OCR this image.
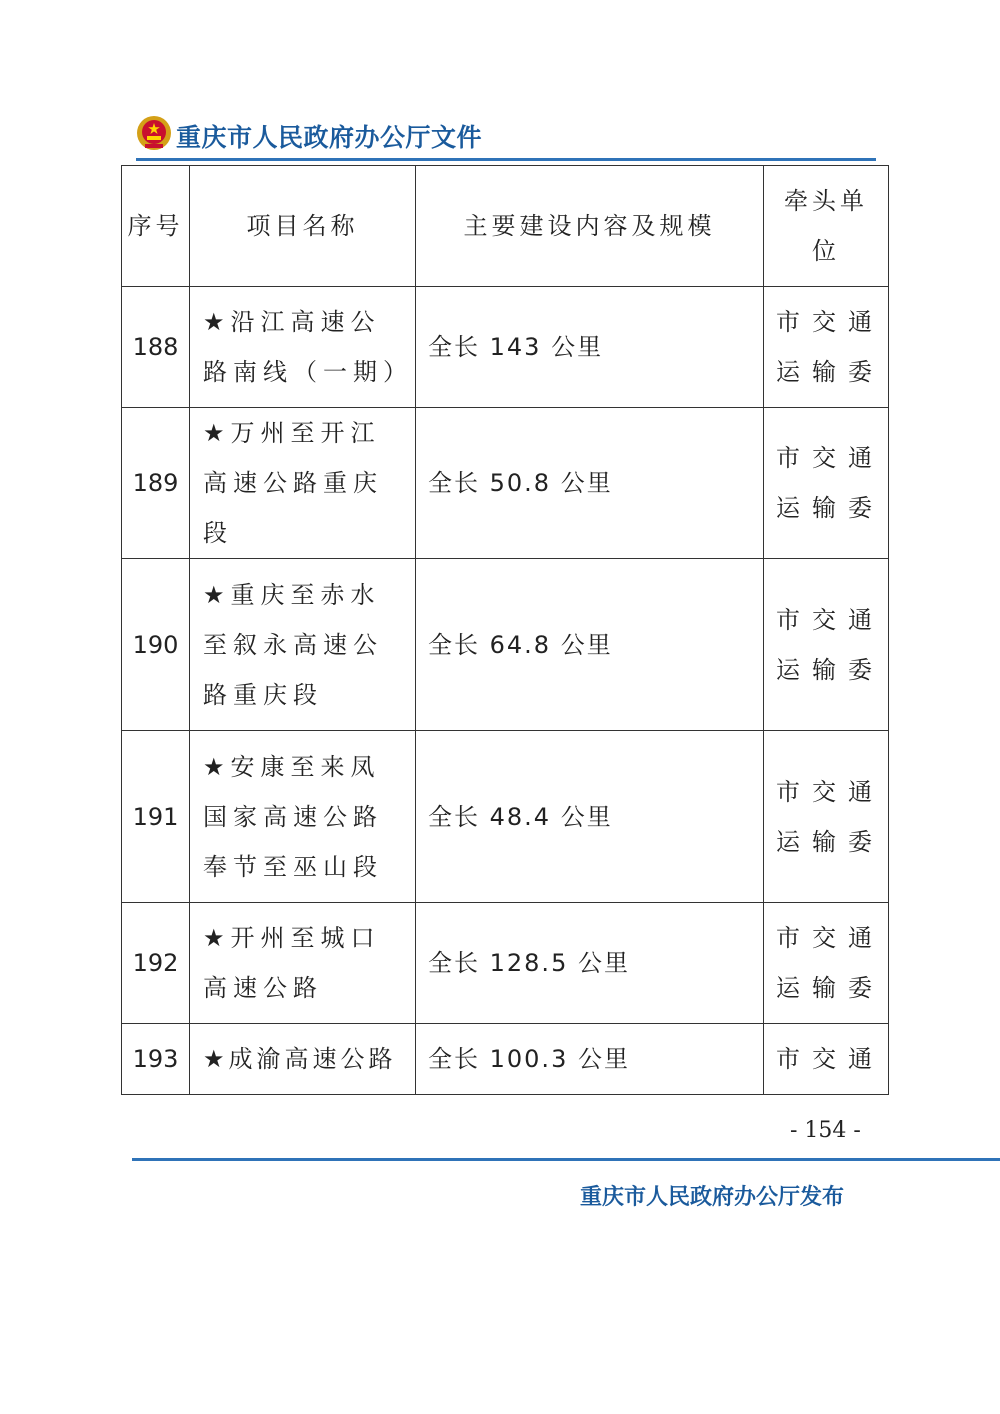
重庆市人民政府办公厅文件
序号	项目名称	主要建设内容及规模	牵头单位
188	★沿江高速公路南线（一期）	全长 143 公里	市交通运输委
189	★万州至开江高速公路重庆段	全长 50.8 公里	市交通运输委
190	★重庆至赤水至叙永高速公路重庆段	全长 64.8 公里	市交通运输委
191	★安康至来凤国家高速公路奉节至巫山段	全长 48.4 公里	市交通运输委
192	★开州至城口高速公路	全长 128.5 公里	市交通运输委
193	★成渝高速公路	全长 100.3 公里	市交通
- 154 -
重庆市人民政府办公厅发布
